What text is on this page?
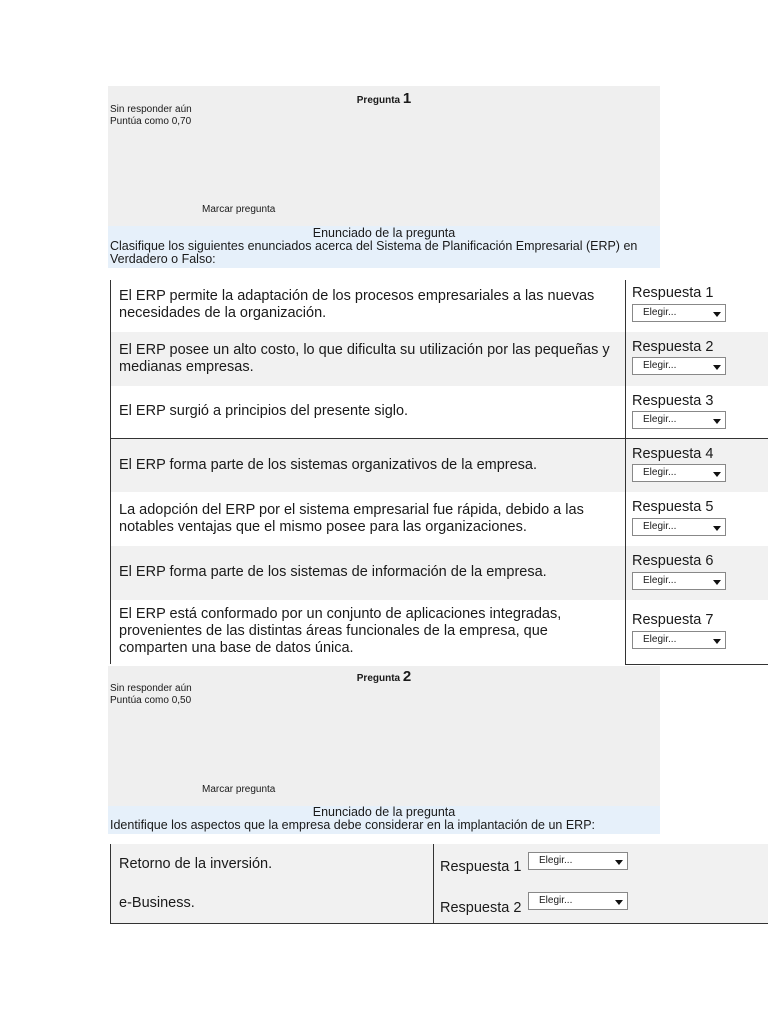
Pregunta 1
Sin responder aún
Puntúa como 0,70
Marcar pregunta
Enunciado de la pregunta
Clasifique los siguientes enunciados acerca del Sistema de Planificación Empresarial (ERP) en Verdadero o Falso:
El ERP permite la adaptación de los procesos empresariales a las nuevas necesidades de la organización.
Respuesta 1
Elegir...
El ERP posee un alto costo, lo que dificulta su utilización por las pequeñas y medianas empresas.
Respuesta 2
Elegir...
El ERP surgió a principios del presente siglo.
Respuesta 3
Elegir...
El ERP forma parte de los sistemas organizativos de la empresa.
Respuesta 4
Elegir...
La adopción del ERP por el sistema empresarial fue rápida, debido a las notables ventajas que el mismo posee para las organizaciones.
Respuesta 5
Elegir...
El ERP forma parte de los sistemas de información de la empresa.
Respuesta 6
Elegir...
El ERP está conformado por un conjunto de aplicaciones integradas, provenientes de las distintas áreas funcionales de la empresa, que comparten una base de datos única.
Respuesta 7
Elegir...
Pregunta 2
Sin responder aún
Puntúa como 0,50
Marcar pregunta
Enunciado de la pregunta
Identifique los aspectos que la empresa debe considerar en la implantación de un ERP:
Retorno de la inversión.	Respuesta 1 Elegir...
e-Business.	Respuesta 2 Elegir...
